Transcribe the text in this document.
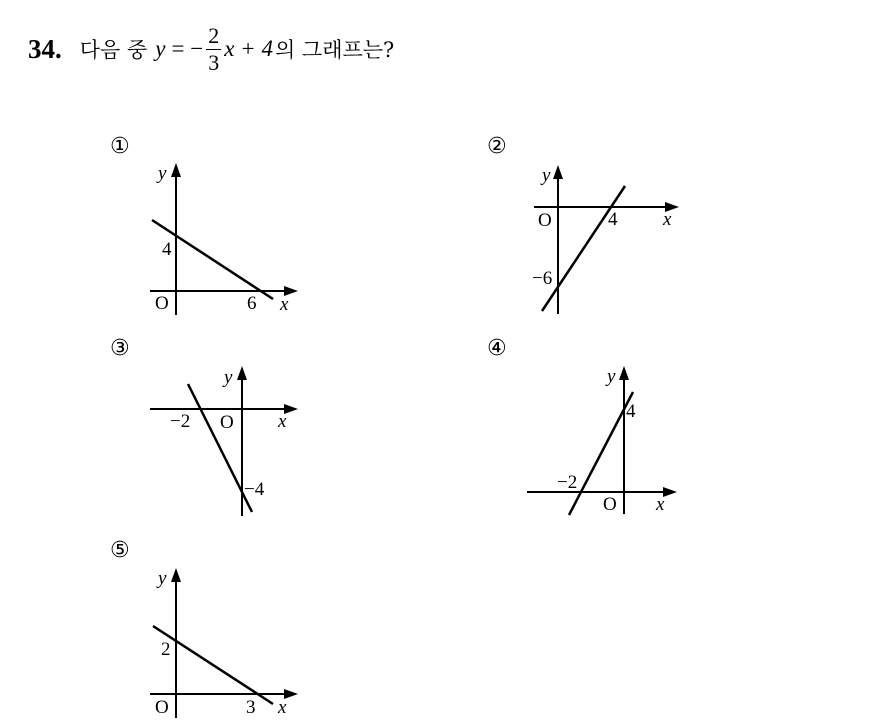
34. 다음 중 y = − $\frac{2}{3}$ x + 4 의 그래프는?
①	②
③	④
⑤
y
x
O
4
6
y
x
O
−6
4
y
x
O
−4
−2
y
x
O
4
−2
y
x
O
2
3
